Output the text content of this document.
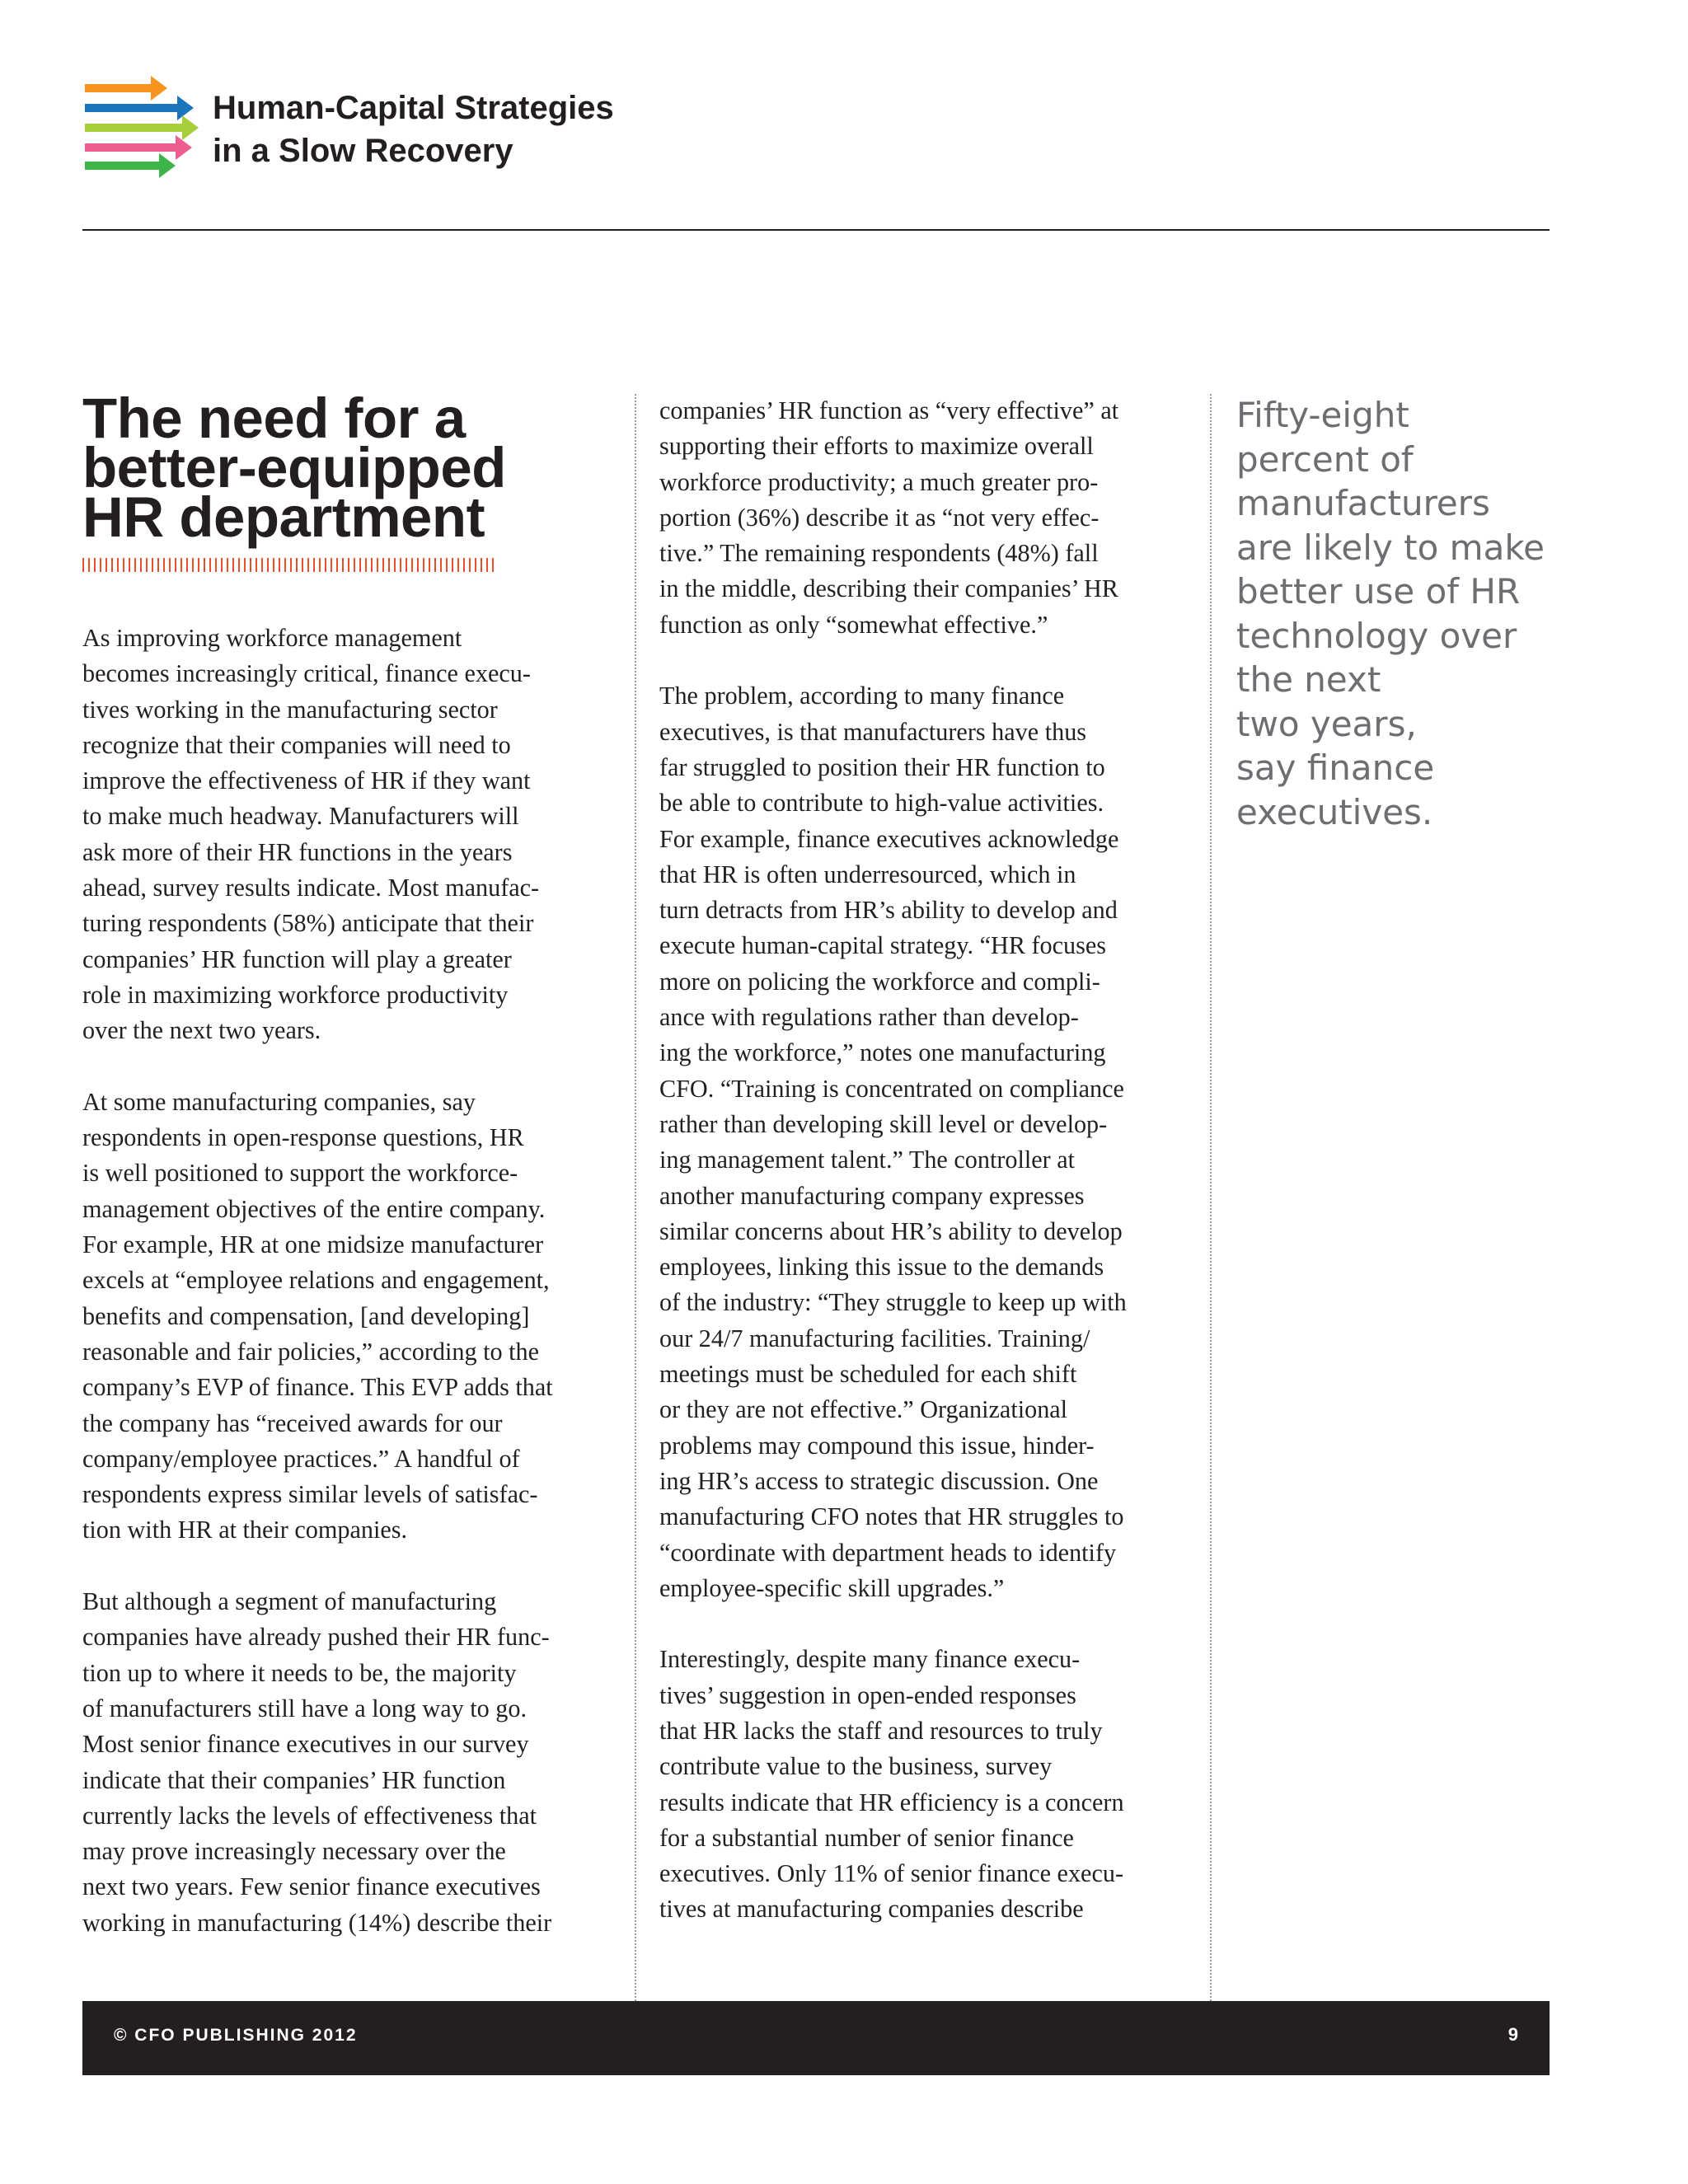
Human-Capital Strategies
in a Slow Recovery
The need for a
better-equipped
HR department

As improving workforce management

becomes increasingly critical, finance execu-

tives working in the manufacturing sector

recognize that their companies will need to

improve the effectiveness of HR if they want

to make much headway. Manufacturers will

ask more of their HR functions in the years

ahead, survey results indicate. Most manufac-

turing respondents (58%) anticipate that their

companies’ HR function will play a greater

role in maximizing workforce productivity

over the next two years.

At some manufacturing companies, say

respondents in open-response questions, HR

is well positioned to support the workforce-

management objectives of the entire company.

For example, HR at one midsize manufacturer

excels at “employee relations and engagement,

benefits and compensation, [and developing]

reasonable and fair policies,” according to the

company’s EVP of finance. This EVP adds that

the company has “received awards for our

company/employee practices.” A handful of

respondents express similar levels of satisfac-

tion with HR at their companies.

But although a segment of manufacturing

companies have already pushed their HR func-

tion up to where it needs to be, the majority

of manufacturers still have a long way to go.

Most senior finance executives in our survey

indicate that their companies’ HR function

currently lacks the levels of effectiveness that

may prove increasingly necessary over the

next two years. Few senior finance executives

working in manufacturing (14%) describe their

companies’ HR function as “very effective” at

supporting their efforts to maximize overall

workforce productivity; a much greater pro-

portion (36%) describe it as “not very effec-

tive.” The remaining respondents (48%) fall

in the middle, describing their companies’ HR

function as only “somewhat effective.”

The problem, according to many finance

executives, is that manufacturers have thus

far struggled to position their HR function to

be able to contribute to high-value activities.

For example, finance executives acknowledge

that HR is often underresourced, which in

turn detracts from HR’s ability to develop and

execute human-capital strategy. “HR focuses

more on policing the workforce and compli-

ance with regulations rather than develop-

ing the workforce,” notes one manufacturing

CFO. “Training is concentrated on compliance

rather than developing skill level or develop-

ing management talent.” The controller at

another manufacturing company expresses

similar concerns about HR’s ability to develop

employees, linking this issue to the demands

of the industry: “They struggle to keep up with

our 24/7 manufacturing facilities. Training/

meetings must be scheduled for each shift

or they are not effective.” Organizational

problems may compound this issue, hinder-

ing HR’s access to strategic discussion. One

manufacturing CFO notes that HR struggles to

“coordinate with department heads to identify

employee-specific skill upgrades.”

Interestingly, despite many finance execu-

tives’ suggestion in open-ended responses

that HR lacks the staff and resources to truly

contribute value to the business, survey

results indicate that HR efficiency is a concern

for a substantial number of senior finance

executives. Only 11% of senior finance execu-

tives at manufacturing companies describe

Fifty-eight
percent of
manufacturers
are likely to make
better use of HR
technology over
the next
two years,
say finance
executives.
© CFO PUBLISHING 2012	9
